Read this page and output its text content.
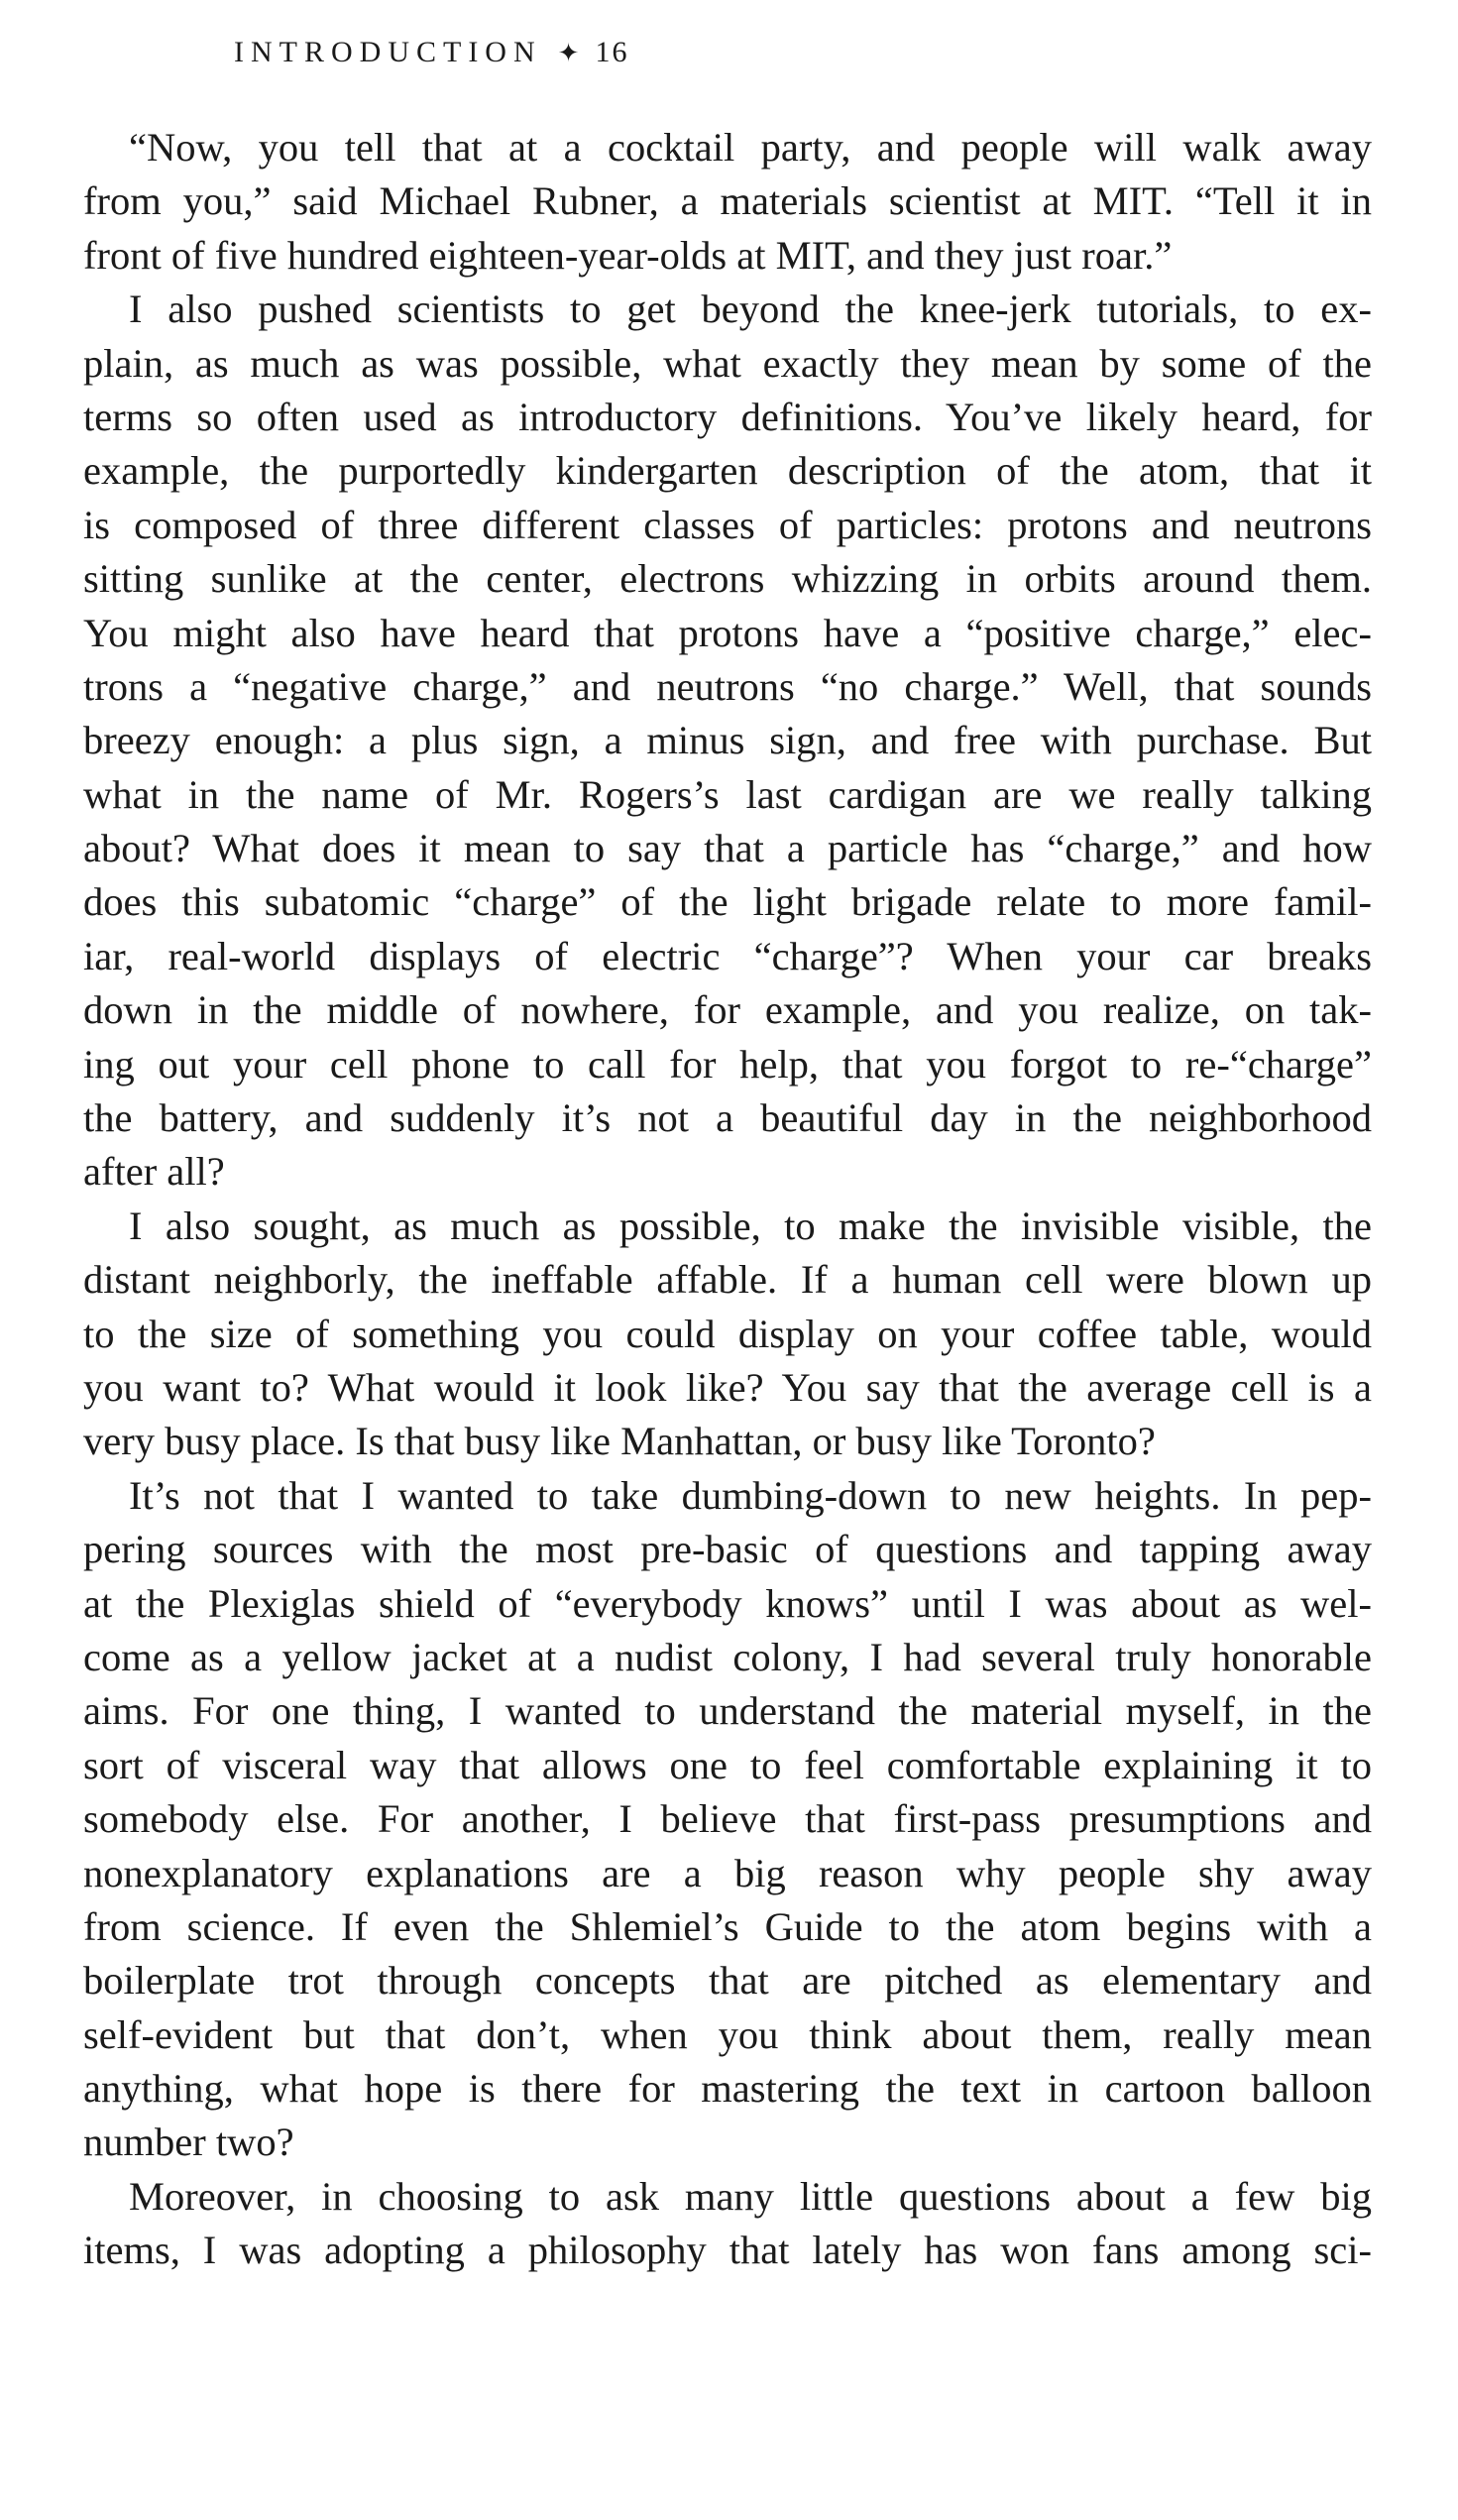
INTRODUCTION ✦ 16
“Now, you tell that at a cocktail party, and people will walk away
from you,” said Michael Rubner, a materials scientist at MIT. “Tell it in
front of five hundred eighteen-year-olds at MIT, and they just roar.”
I also pushed scientists to get beyond the knee-jerk tutorials, to ex-
plain, as much as was possible, what exactly they mean by some of the
terms so often used as introductory definitions. You’ve likely heard, for
example, the purportedly kindergarten description of the atom, that it
is composed of three different classes of particles: protons and neutrons
sitting sunlike at the center, electrons whizzing in orbits around them.
You might also have heard that protons have a “positive charge,” elec-
trons a “negative charge,” and neutrons “no charge.” Well, that sounds
breezy enough: a plus sign, a minus sign, and free with purchase. But
what in the name of Mr. Rogers’s last cardigan are we really talking
about? What does it mean to say that a particle has “charge,” and how
does this subatomic “charge” of the light brigade relate to more famil-
iar, real-world displays of electric “charge”? When your car breaks
down in the middle of nowhere, for example, and you realize, on tak-
ing out your cell phone to call for help, that you forgot to re-“charge”
the battery, and suddenly it’s not a beautiful day in the neighborhood
after all?
I also sought, as much as possible, to make the invisible visible, the
distant neighborly, the ineffable affable. If a human cell were blown up
to the size of something you could display on your coffee table, would
you want to? What would it look like? You say that the average cell is a
very busy place. Is that busy like Manhattan, or busy like Toronto?
It’s not that I wanted to take dumbing-down to new heights. In pep-
pering sources with the most pre-basic of questions and tapping away
at the Plexiglas shield of “everybody knows” until I was about as wel-
come as a yellow jacket at a nudist colony, I had several truly honorable
aims. For one thing, I wanted to understand the material myself, in the
sort of visceral way that allows one to feel comfortable explaining it to
somebody else. For another, I believe that first-pass presumptions and
nonexplanatory explanations are a big reason why people shy away
from science. If even the Shlemiel’s Guide to the atom begins with a
boilerplate trot through concepts that are pitched as elementary and
self-evident but that don’t, when you think about them, really mean
anything, what hope is there for mastering the text in cartoon balloon
number two?
Moreover, in choosing to ask many little questions about a few big
items, I was adopting a philosophy that lately has won fans among sci-
